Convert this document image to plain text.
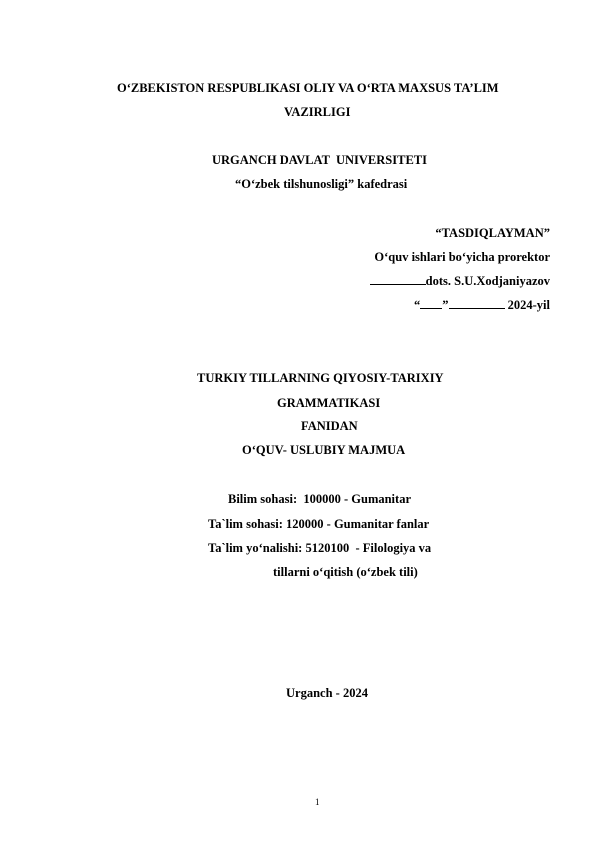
O‘ZBEKISTON RESPUBLIKASI OLIY VA O‘RTA MAXSUS TA’LIM
VAZIRLIGI
URGANCH DAVLAT  UNIVERSITETI
“O‘zbek tilshunosligi” kafedrasi
“TASDIQLAYMAN”
O‘quv ishlari bo‘yicha prorektor
dots. S.U.Xodjaniyazov
“ ”	2024-yil
TURKIY TILLARNING QIYOSIY-TARIXIY
GRAMMATIKASI
FANIDAN
O‘QUV- USLUBIY MAJMUA
Bilim sohasi:  100000 - Gumanitar
Ta`lim sohasi: 120000 - Gumanitar fanlar
Ta`lim yo‘nalishi: 5120100  - Filologiya va
tillarni o‘qitish (o‘zbek tili)
Urganch - 2024
1
